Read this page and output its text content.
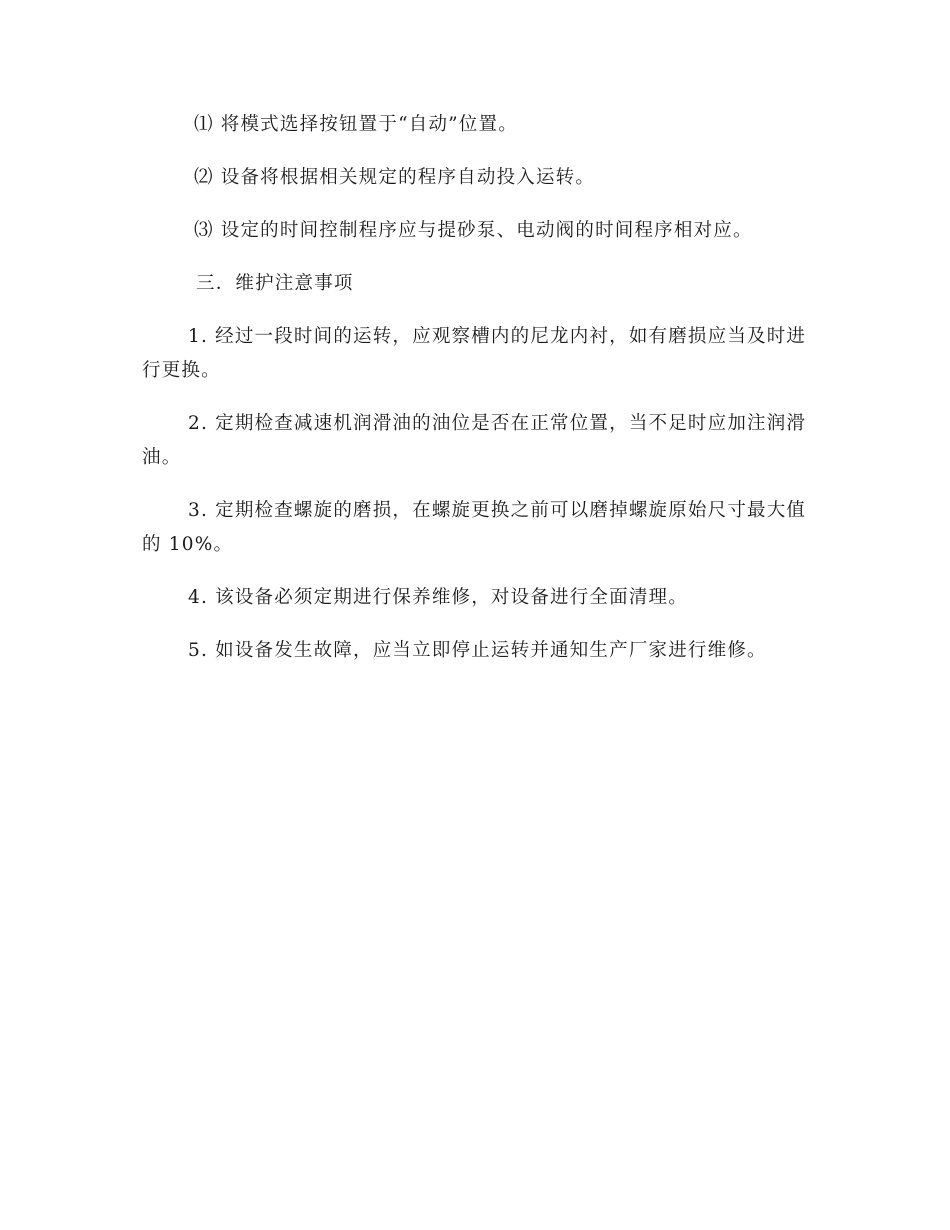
⑴ 将模式选择按钮置于“自动”位置。

⑵ 设备将根据相关规定的程序自动投入运转。

⑶ 设定的时间控制程序应与提砂泵、电动阀的时间程序相对应。

三．维护注意事项

1. 经过一段时间的运转，应观察槽内的尼龙内衬，如有磨损应当及时进行更换。

2. 定期检查减速机润滑油的油位是否在正常位置，当不足时应加注润滑油。

3. 定期检查螺旋的磨损，在螺旋更换之前可以磨掉螺旋原始尺寸最大值的 10%。

4. 该设备必须定期进行保养维修，对设备进行全面清理。

5. 如设备发生故障，应当立即停止运转并通知生产厂家进行维修。
